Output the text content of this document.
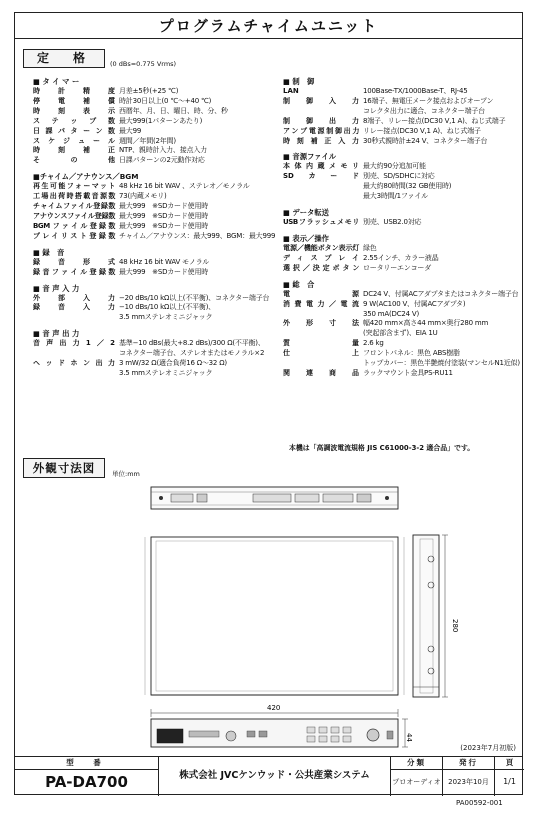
プログラムチャイムユニット
定　格	(0 dBs=0.775 Vrms)
■ タ イ マ ー
時計精度 月差±5秒(+25 ℃)
停電補償 時計30日以上(0 ℃〜+40 ℃)
時刻表示 西暦年、月、日、曜日、時、分、秒
ステップ数 最大999(1パターンあたり)
日課パターン数 最大99
スケジュール 週間／年間(2年間)
時刻補正 NTP、親時計入力、接点入力
その他 日課パターンの2元動作対応
■チャイム／アナウンス／BGM
再生可能フォーマット 48 kHz 16 bit WAV 、ステレオ／モノラル
工場出荷時搭載音源数 73(内蔵メモリ)
チャイムファイル登録数 最大999　※SDカード使用時
アナウンスファイル登録数 最大999　※SDカード使用時
BGMファイル登録数 最大999　※SDカード使用時
プレイリスト登録数 チャイム／アナウンス：最大999、BGM：最大999
■ 録　音
録音形式 48 kHz 16 bit WAV モノラル
録音ファイル登録数 最大999　※SDカード使用時
■ 音 声 入 力
外部入力 −20 dBs/10 kΩ以上(不平衡)、コネクター端子台
録音入力 −10 dBs/10 kΩ以上(不平衡)、
3.5 mmステレオミニジャック
■ 音 声 出 力
音声出力1／2 基準−10 dBs(最大+8.2 dBs)/300 Ω(不平衡)、
コネクター端子台、ステレオまたはモノラル×2
ヘッドホン出力 3 mW/32 Ω(適合負荷16 Ω〜32 Ω)
3.5 mmステレオミニジャック
■ 制　御
LAN	100Base-TX/1000Base-T、RJ-45
制御入力 16端子、無電圧メーク接点およびオープン
コレクタ出力に適合、コネクター端子台
制御出力 8端子、リレー接点(DC30 V,1 A)、ねじ式端子
アンプ電源制御出力 リレー接点(DC30 V,1 A)、ねじ式端子
時刻補正入力 30秒式親時計±24 V、コネクター端子台
■ 音源ファイル
本体内蔵メモリ 最大約90分追加可能
SDカード 別売、SD/SDHCに対応
最大約80時間(32 GB使用時)
最大3時間/1ファイル
■ データ転送
USBフラッシュメモリ 別売、USB2.0対応
■ 表示／操作
電源／機能ボタン表示灯 緑色
ディスプレイ 2.55インチ、カラー液晶
選択／決定ボタン ロータリーエンコーダ
■ 総　合
電源 DC24 V、付属ACアダプタまたはコネクター端子台
消費電力／電流 9 W(AC100 V、付属ACアダプタ)
350 mA(DC24 V)
外形寸法 幅420 mm×高さ44 mm×奥行280 mm
(突起部含まず)、EIA 1U
質量 2.6 kg
仕上 フロントパネル：黒色 ABS樹脂
トップカバー：黒色半艶焼付塗装(マンセルN1近似)
関連商品 ラックマウント金具PS-RU11
本機は「高調波電流規格 JIS C61000-3-2 適合品」です。
外観寸法図	単位:mm
280
420
44
(2023年7月初版)
型　番
PA-DA700	株式会社 JVCケンウッド・公共産業システム
分類
プロオーディオ
発行
2023年10月
頁
1/1
PA00592-001
